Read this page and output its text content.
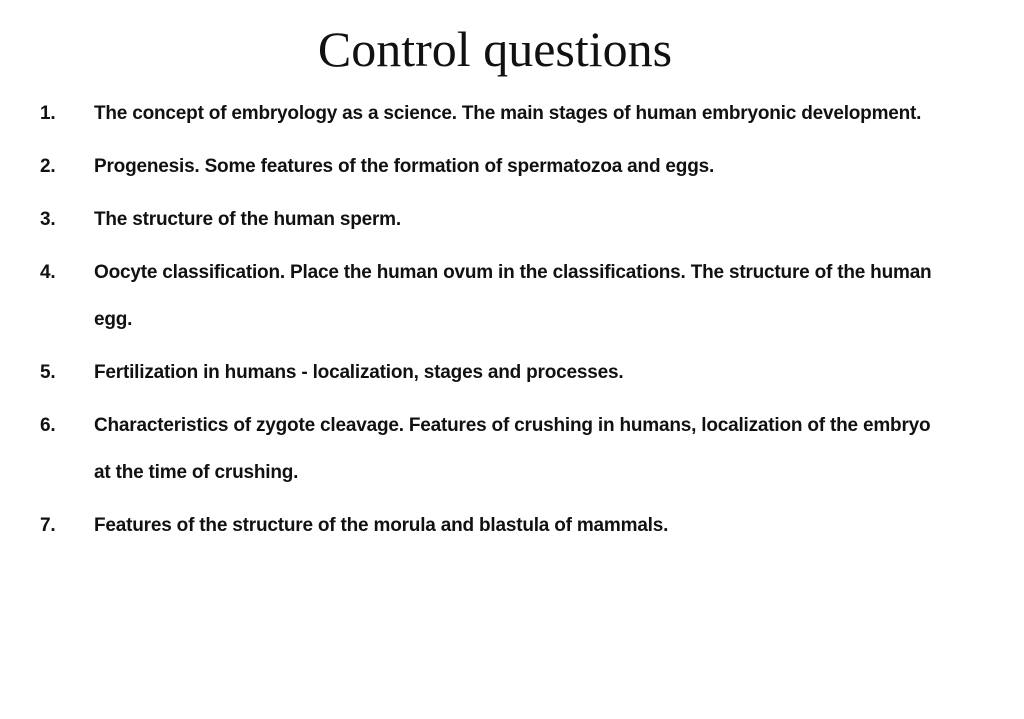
Control questions
1.	The concept of embryology as a science. The main stages of human embryonic development.
2.	Progenesis. Some features of the formation of spermatozoa and eggs.
3.	The structure of the human sperm.
4.	Oocyte classification. Place the human ovum in the classifications. The structure of the human egg.
5.	Fertilization in humans - localization, stages and processes.
6.	Characteristics of zygote cleavage. Features of crushing in humans, localization of the embryo at the time of crushing.
7.	Features of the structure of the morula and blastula of mammals.
